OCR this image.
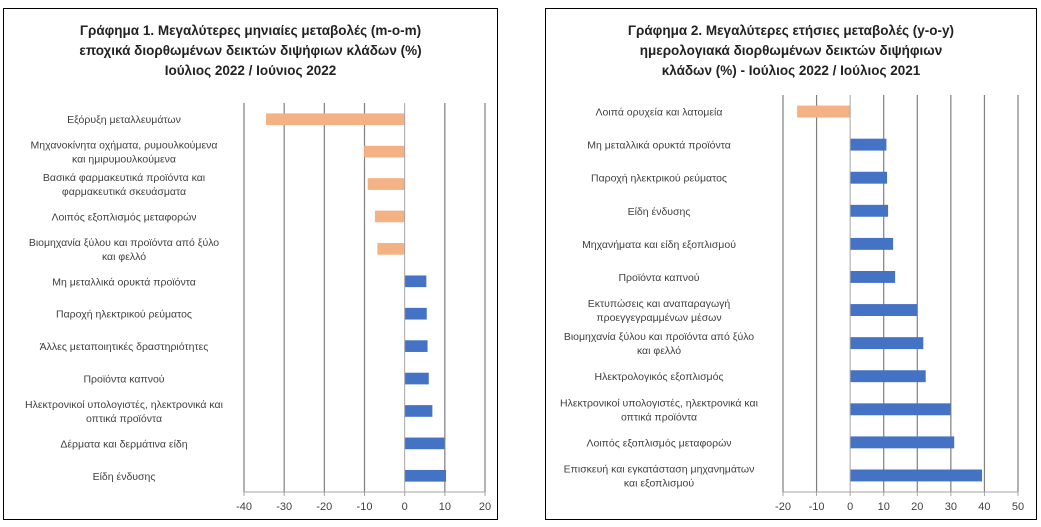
Γράφημα 1. Μεγαλύτερες μηνιαίες μεταβολές (m-o-m)
εποχικά διορθωμένων δεικτών διψήφιων κλάδων (%)
Ιούλιος 2022 / Ιούνιος 2022
-40 -30 -20 -10	0	10	20
Εξόρυξη μεταλλευμάτων
Μηχανοκίνητα οχήματα, ρυμουλκούμενα και ημιρυμουλκούμενα
Βασικά φαρμακευτικά προϊόντα και φαρμακευτικά σκευάσματα
Λοιπός εξοπλισμός μεταφορών
Βιομηχανία ξύλου και προϊόντα από ξύλο και φελλό
Μη μεταλλικά ορυκτά προϊόντα
Παροχή ηλεκτρικού ρεύματος
Άλλες μεταποιητικές δραστηριότητες
Προϊόντα καπνού
Ηλεκτρονικοί υπολογιστές, ηλεκτρονικά και οπτικά προϊόντα
Δέρματα και δερμάτινα είδη
Είδη ένδυσης
Γράφημα 2. Μεγαλύτερες ετήσιες μεταβολές (y-o-y)
ημερολογιακά διορθωμένων δεικτών διψήφιων
κλάδων (%) - Ιούλιος 2022 / Ιούλιος 2021
-20 -10 0 10 20 30 40 50
Λοιπά ορυχεία και λατομεία
Μη μεταλλικά ορυκτά προϊόντα
Παροχή ηλεκτρικού ρεύματος
Είδη ένδυσης
Μηχανήματα και είδη εξοπλισμού
Προϊόντα καπνού
Εκτυπώσεις και αναπαραγωγή προεγγεγραμμένων μέσων
Βιομηχανία ξύλου και προϊόντα από ξύλο και φελλό
Ηλεκτρολογικός εξοπλισμός
Ηλεκτρονικοί υπολογιστές, ηλεκτρονικά και οπτικά προϊόντα
Λοιπός εξοπλισμός μεταφορών
Επισκευή και εγκατάσταση μηχανημάτων και εξοπλισμού
